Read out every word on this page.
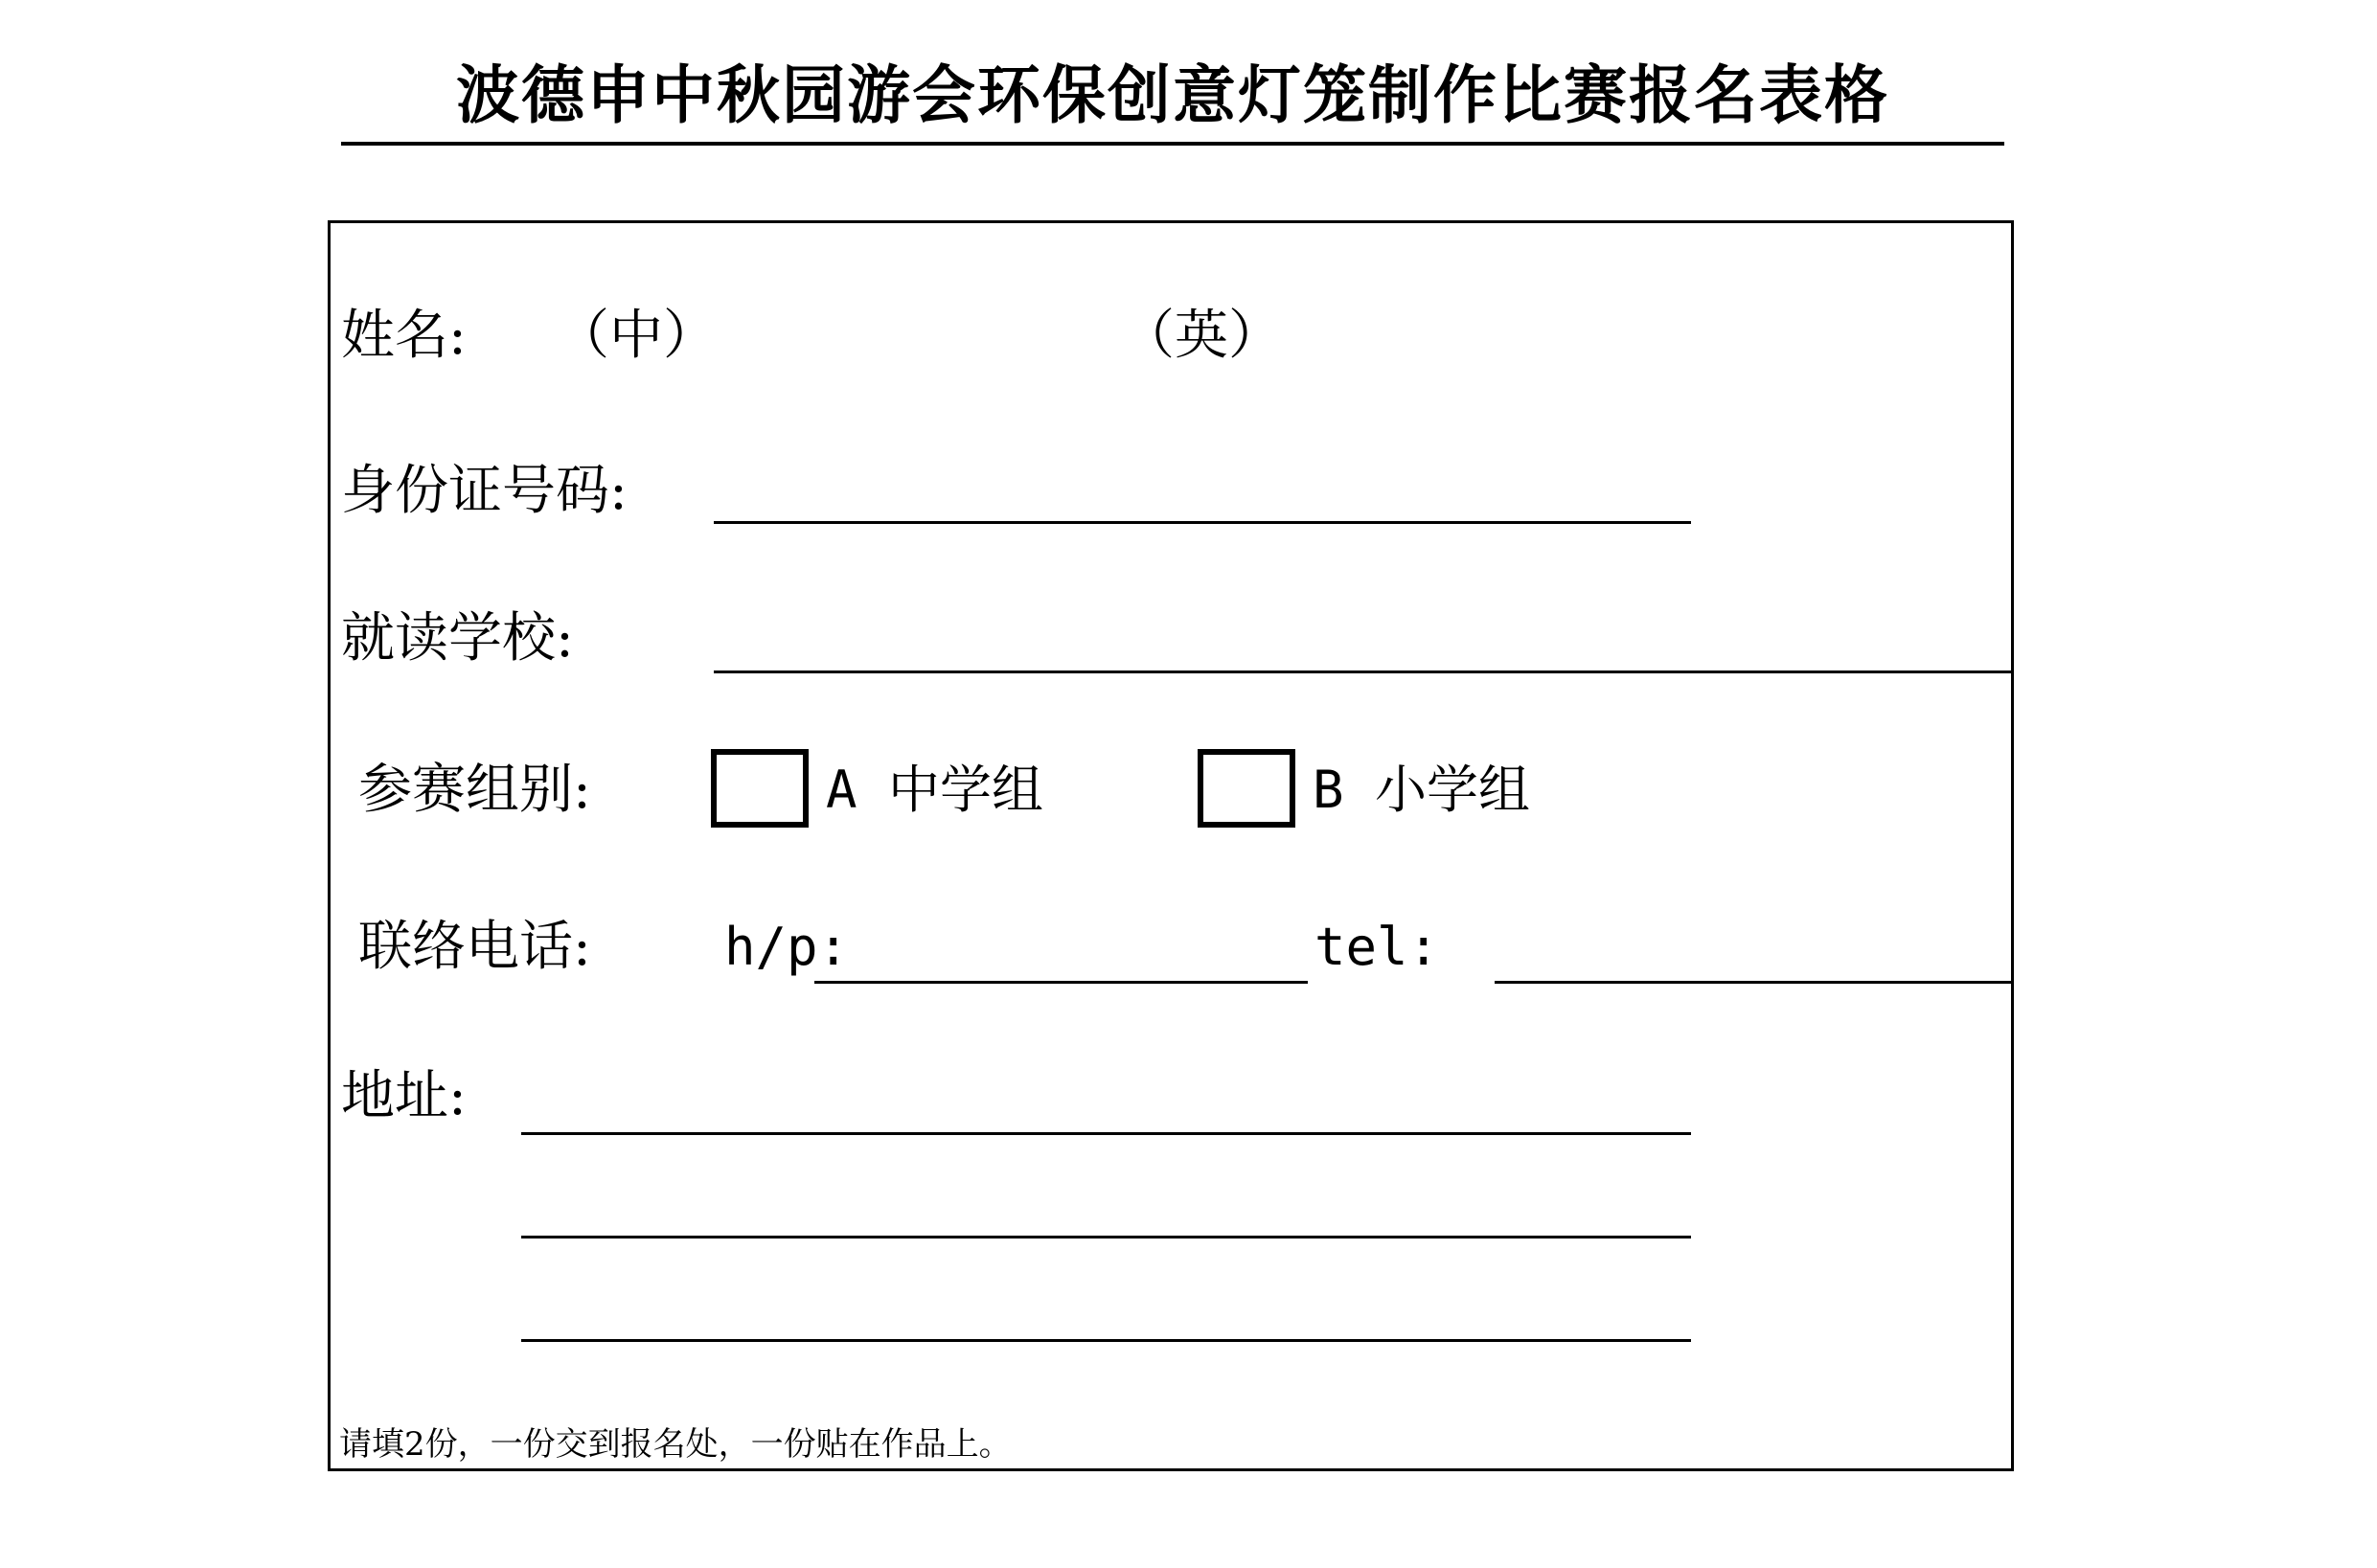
波德申中秋园游会环保创意灯笼制作比赛报名表格
姓名: （中）	（英）
身份证号码:
就读学校:
参赛组别:	A 中学组	B 小学组
联络电话:	h/p:	tel:
地址:
请填2份，一份交到报名处，一份贴在作品上。
